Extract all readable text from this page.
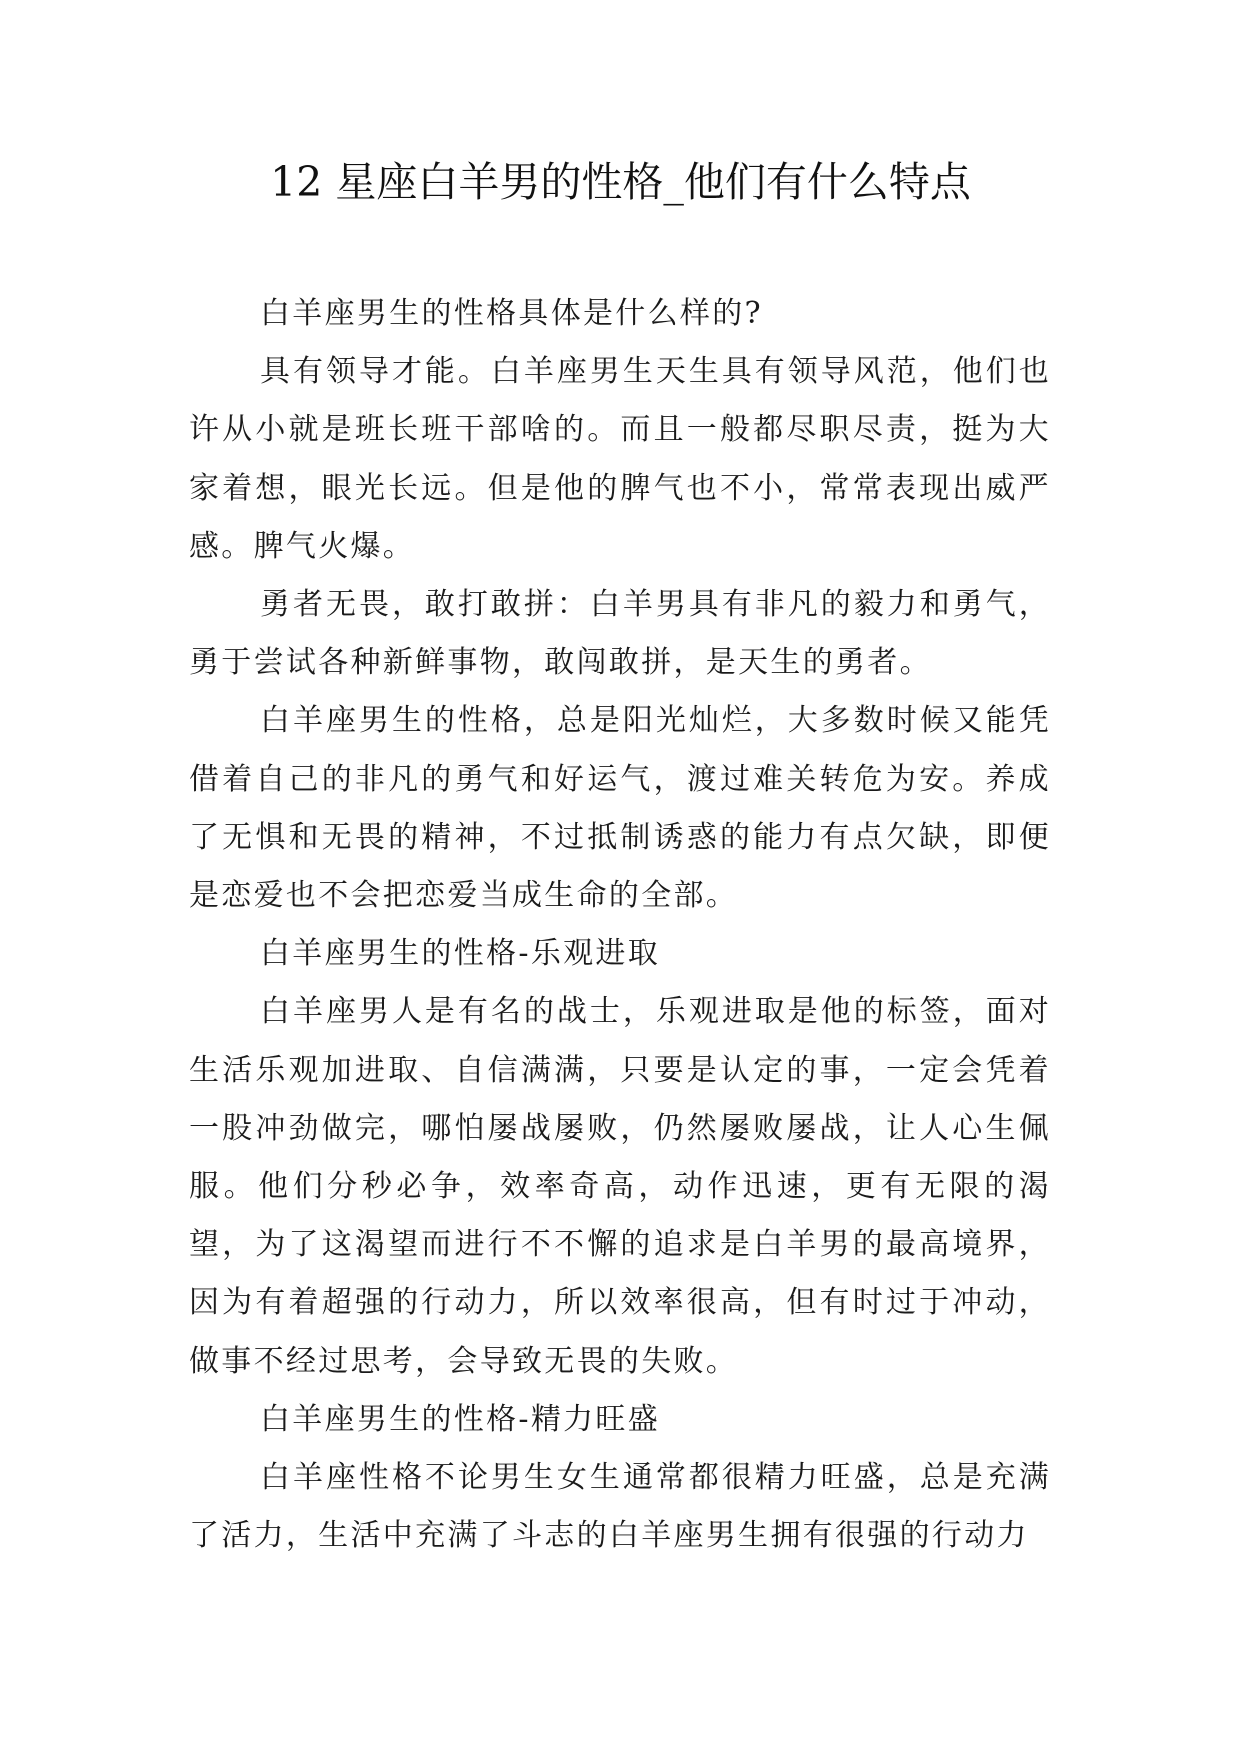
12 星座白羊男的性格_他们有什么特点

白羊座男生的性格具体是什么样的?

具有领导才能。白羊座男生天生具有领导风范，他们也许从小就是班长班干部啥的。而且一般都尽职尽责，挺为大家着想，眼光长远。但是他的脾气也不小，常常表现出威严感。脾气火爆。

勇者无畏，敢打敢拼：白羊男具有非凡的毅力和勇气，勇于尝试各种新鲜事物，敢闯敢拼，是天生的勇者。

白羊座男生的性格，总是阳光灿烂，大多数时候又能凭借着自己的非凡的勇气和好运气，渡过难关转危为安。养成了无惧和无畏的精神，不过抵制诱惑的能力有点欠缺，即便是恋爱也不会把恋爱当成生命的全部。

白羊座男生的性格-乐观进取

白羊座男人是有名的战士，乐观进取是他的标签，面对生活乐观加进取、自信满满，只要是认定的事，一定会凭着一股冲劲做完，哪怕屡战屡败，仍然屡败屡战，让人心生佩服。他们分秒必争，效率奇高，动作迅速，更有无限的渴望，为了这渴望而进行不不懈的追求是白羊男的最高境界，因为有着超强的行动力，所以效率很高，但有时过于冲动，做事不经过思考，会导致无畏的失败。

白羊座男生的性格-精力旺盛

白羊座性格不论男生女生通常都很精力旺盛，总是充满了活力，生活中充满了斗志的白羊座男生拥有很强的行动力
